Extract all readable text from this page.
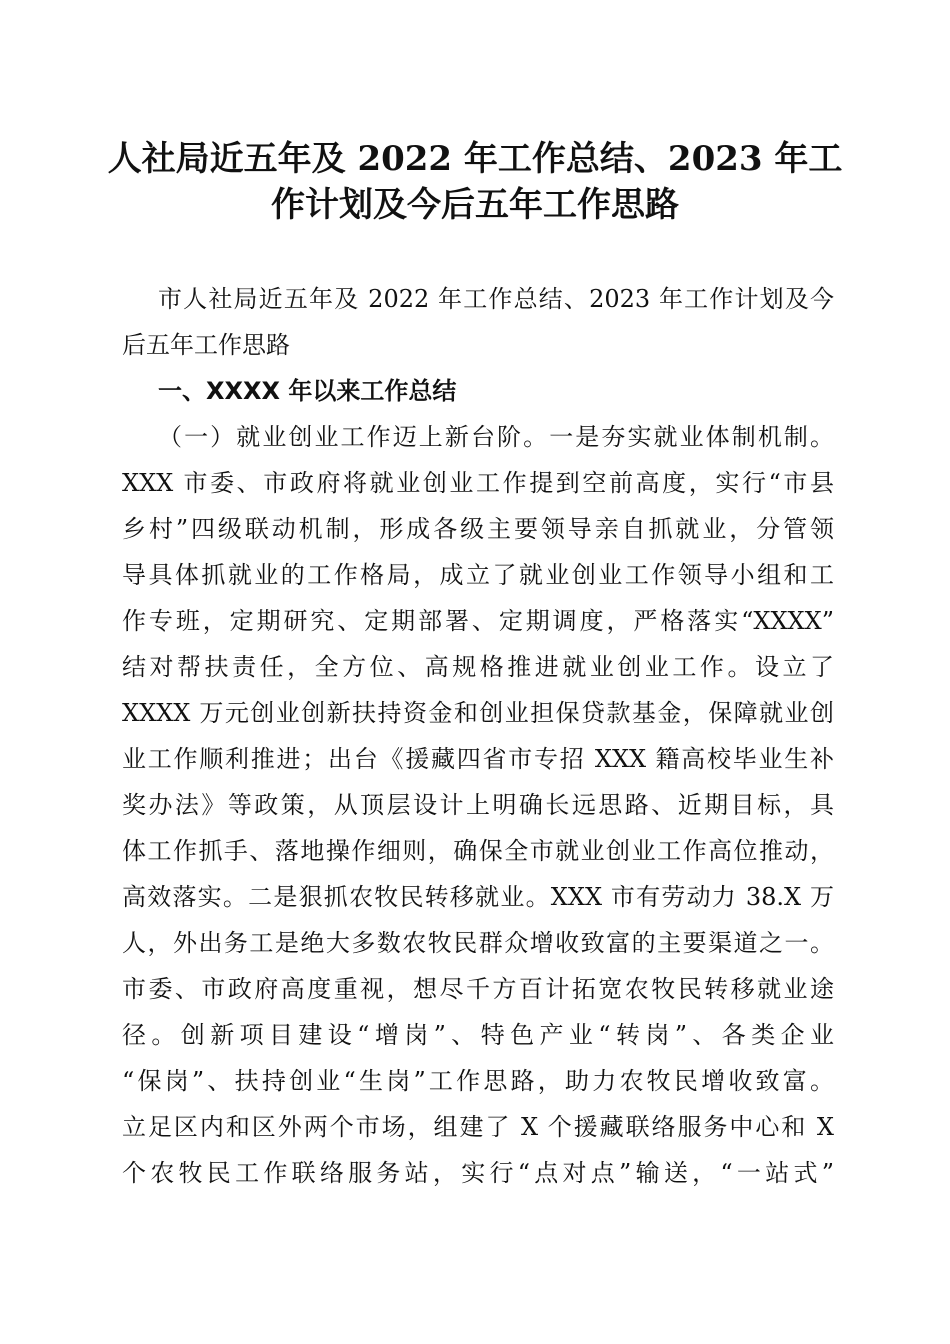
人社局近五年及 2022 年工作总结、2023 年工
作计划及今后五年工作思路

市人社局近五年及 2022 年工作总结、2023 年工作计划及今
后五年工作思路

一、XXXX 年以来工作总结

（一）就业创业工作迈上新台阶。一是夯实就业体制机制。
XXX 市委、市政府将就业创业工作提到空前高度，实行“市县
乡村”四级联动机制，形成各级主要领导亲自抓就业，分管领
导具体抓就业的工作格局，成立了就业创业工作领导小组和工
作专班，定期研究、定期部署、定期调度，严格落实“XXXX”
结对帮扶责任，全方位、高规格推进就业创业工作。设立了
XXXX 万元创业创新扶持资金和创业担保贷款基金，保障就业创
业工作顺利推进；出台《援藏四省市专招 XXX 籍高校毕业生补
奖办法》等政策，从顶层设计上明确长远思路、近期目标，具
体工作抓手、落地操作细则，确保全市就业创业工作高位推动，
高效落实。二是狠抓农牧民转移就业。XXX 市有劳动力 38.X 万
人，外出务工是绝大多数农牧民群众增收致富的主要渠道之一。
市委、市政府高度重视，想尽千方百计拓宽农牧民转移就业途
径。创新项目建设“增岗”、特色产业“转岗”、各类企业
“保岗”、扶持创业“生岗”工作思路，助力农牧民增收致富。
立足区内和区外两个市场，组建了 X 个援藏联络服务中心和 X
个农牧民工作联络服务站，实行“点对点”输送，“一站式”
